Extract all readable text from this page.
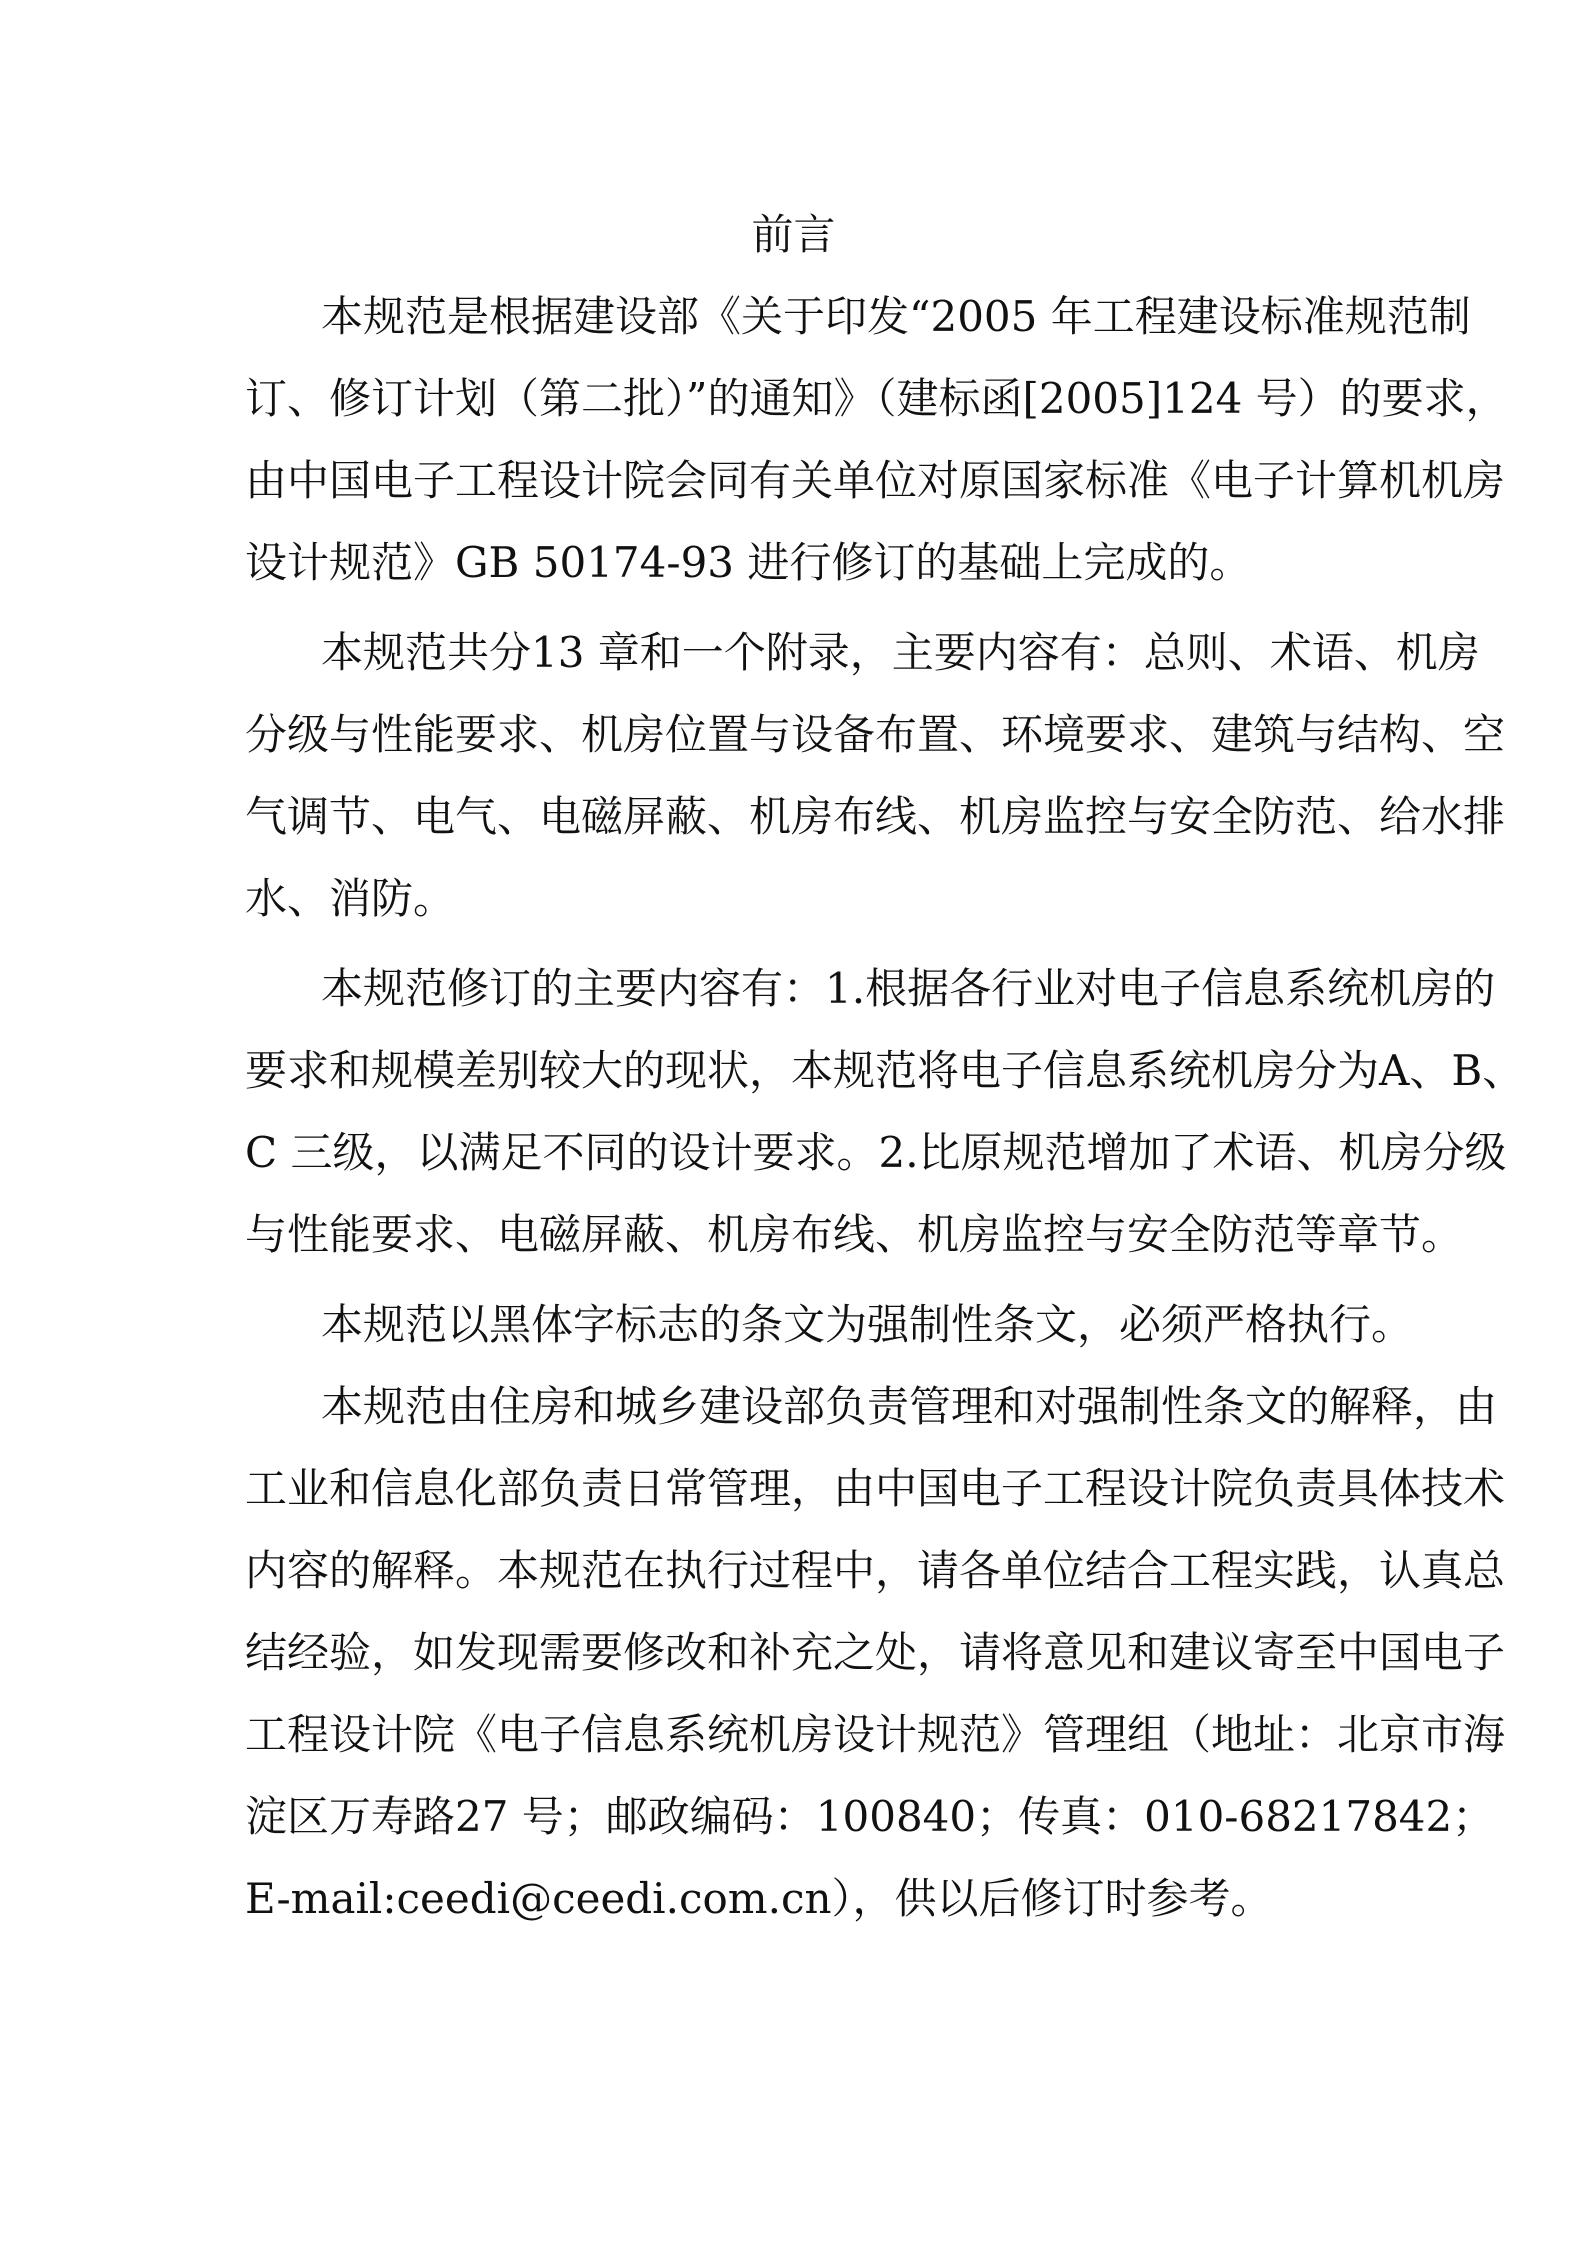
前言
本规范是根据建设部《关于印发“2005 年工程建设标准规范制
订、修订计划（第二批）”的通知》（建标函[2005]124 号）的要求，
由中国电子工程设计院会同有关单位对原国家标准《电子计算机机房
设计规范》GB 50174-93 进行修订的基础上完成的。
本规范共分13 章和一个附录，主要内容有：总则、术语、机房
分级与性能要求、机房位置与设备布置、环境要求、建筑与结构、空
气调节、电气、电磁屏蔽、机房布线、机房监控与安全防范、给水排
水、消防。
本规范修订的主要内容有：1.根据各行业对电子信息系统机房的
要求和规模差别较大的现状，本规范将电子信息系统机房分为A、B、
C 三级，以满足不同的设计要求。2.比原规范增加了术语、机房分级
与性能要求、电磁屏蔽、机房布线、机房监控与安全防范等章节。
本规范以黑体字标志的条文为强制性条文，必须严格执行。
本规范由住房和城乡建设部负责管理和对强制性条文的解释，由
工业和信息化部负责日常管理，由中国电子工程设计院负责具体技术
内容的解释。本规范在执行过程中，请各单位结合工程实践，认真总
结经验，如发现需要修改和补充之处，请将意见和建议寄至中国电子
工程设计院《电子信息系统机房设计规范》管理组（地址：北京市海
淀区万寿路27 号；邮政编码：100840；传真：010-68217842；
E-mail:ceedi@ceedi.com.cn），供以后修订时参考。
